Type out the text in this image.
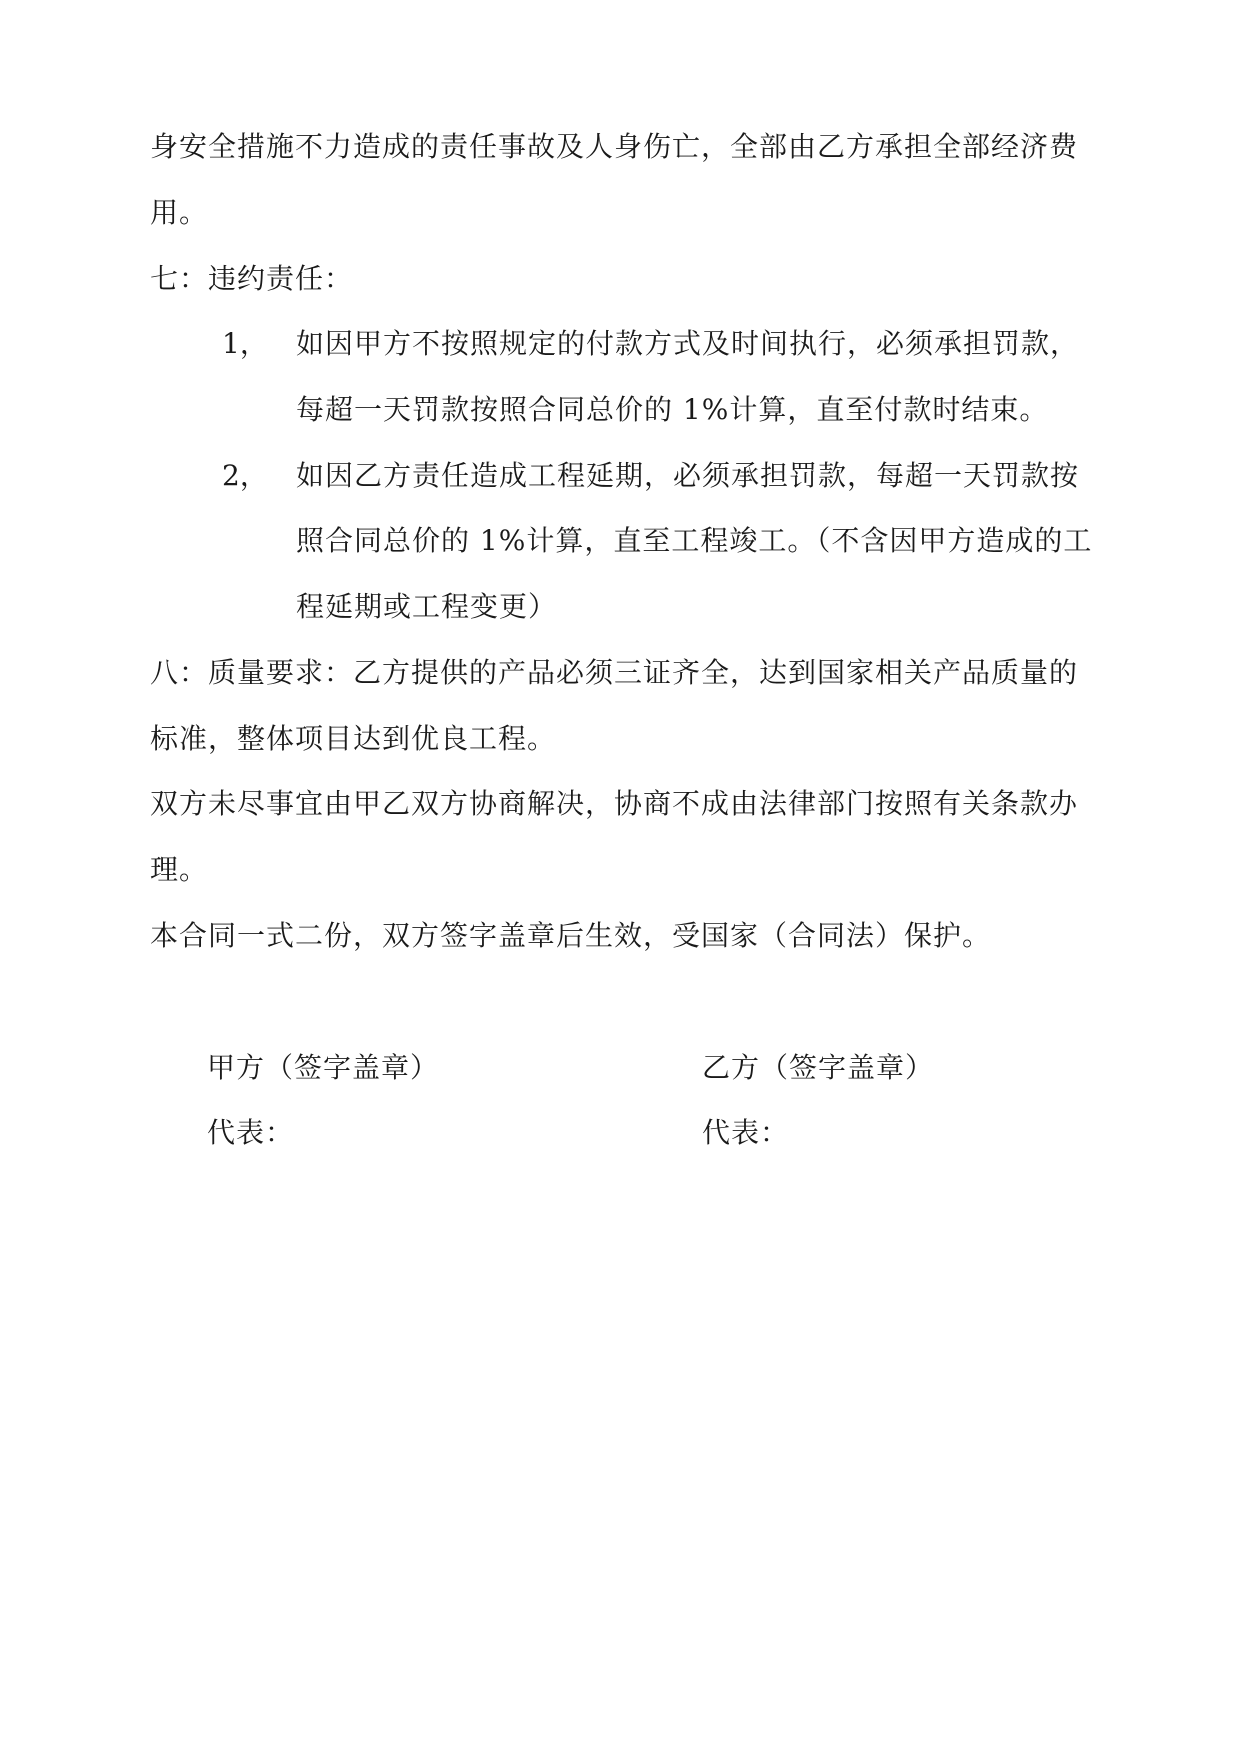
身安全措施不力造成的责任事故及人身伤亡，全部由乙方承担全部经济费
用。
七：违约责任：
1， 如因甲方不按照规定的付款方式及时间执行，必须承担罚款，
每超一天罚款按照合同总价的 1%计算，直至付款时结束。
2， 如因乙方责任造成工程延期，必须承担罚款，每超一天罚款按
照合同总价的 1%计算，直至工程竣工。（不含因甲方造成的工
程延期或工程变更）
八：质量要求：乙方提供的产品必须三证齐全，达到国家相关产品质量的
标准，整体项目达到优良工程。
双方未尽事宜由甲乙双方协商解决，协商不成由法律部门按照有关条款办
理。
本合同一式二份，双方签字盖章后生效，受国家（合同法）保护。
甲方（签字盖章）
代表：
乙方（签字盖章）
代表：
